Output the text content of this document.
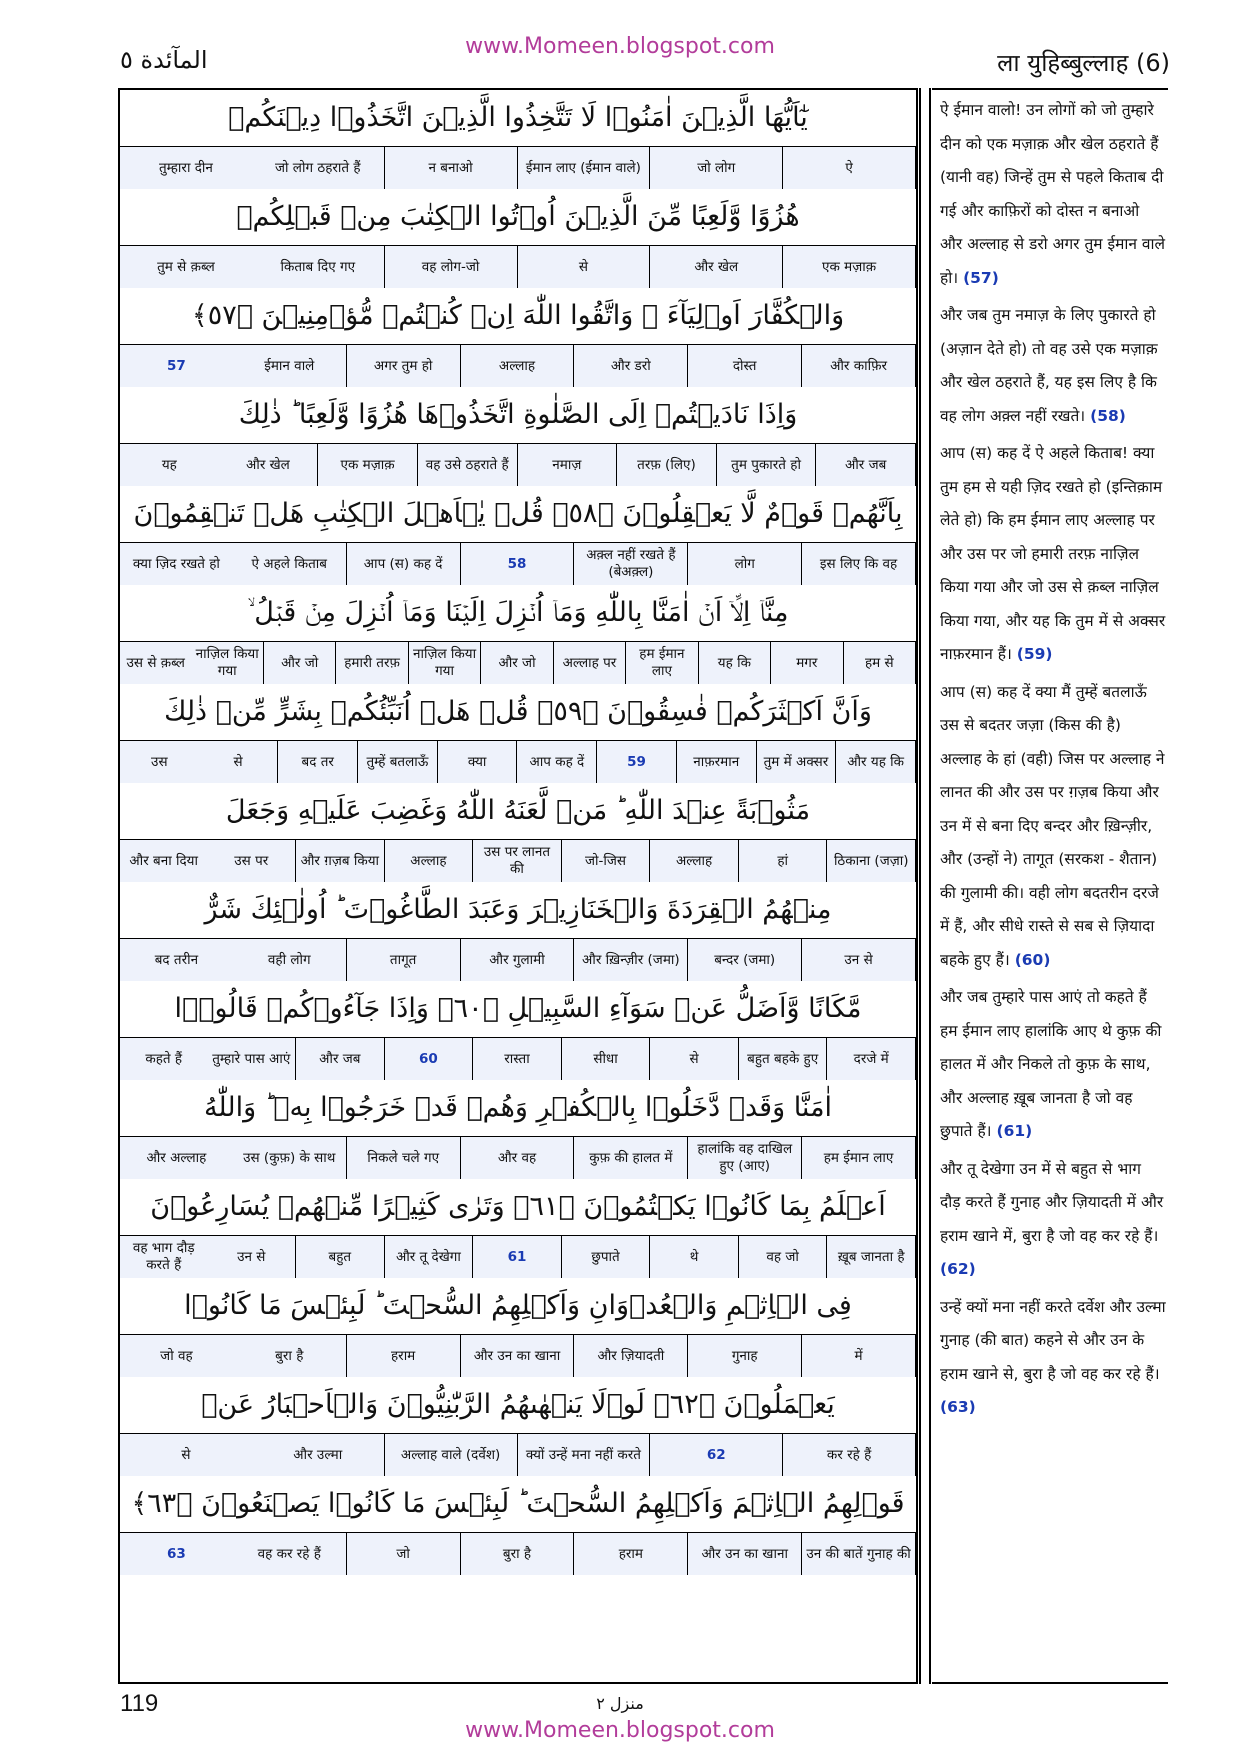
www.Momeen.blogspot.com
المآئدة ٥	ला युहिब्बुल्लाह (6)
يٰٓاَيُّهَا الَّذِيۡنَ اٰمَنُوۡا لَا تَتَّخِذُوا الَّذِيۡنَ اتَّخَذُوۡا دِيۡنَكُمۡ
ऐ
जो लोग
ईमान लाए (ईमान वाले)
न बनाओ
जो लोग ठहराते हैं
तुम्हारा दीन
هُزُوًا وَّلَعِبًا مِّنَ الَّذِيۡنَ اُوۡتُوا الۡكِتٰبَ مِنۡ قَبۡلِكُمۡ
एक मज़ाक़
और खेल
से
वह लोग-जो
किताब दिए गए
तुम से क़ब्ल
وَالۡكُفَّارَ اَوۡلِيَآءَ‌ ۚ وَاتَّقُوا اللّٰهَ اِنۡ كُنۡتُمۡ مُّؤۡمِنِيۡنَ ﴿٥٧﴾
और काफ़िर
दोस्त
और डरो
अल्लाह
अगर तुम हो
ईमान वाले
57
وَاِذَا نَادَيۡتُمۡ اِلَى الصَّلٰوةِ اتَّخَذُوۡهَا هُزُوًا وَّلَعِبًا‌ ؕ ذٰلِكَ
और जब
तुम पुकारते हो
तरफ़ (लिए)
नमाज़
वह उसे ठहराते हैं
एक मज़ाक़
और खेल
यह
بِاَنَّهُمۡ قَوۡمٌ لَّا يَعۡقِلُوۡنَ ﴿٥٨﴾ قُلۡ يٰۤاَهۡلَ الۡكِتٰبِ هَلۡ تَنۡقِمُوۡنَ
इस लिए कि वह
लोग
अक़्ल नहीं रखते हैं (बेअक़्ल)
58
आप (स) कह दें
ऐ अहले किताब
क्या ज़िद रखते हो
مِنَّاۤ اِلَّاۤ اَنۡ اٰمَنَّا بِاللّٰهِ وَمَاۤ اُنۡزِلَ اِلَيۡنَا وَمَاۤ اُنۡزِلَ مِنۡ قَبۡلُ ۙ
हम से
मगर
यह कि
हम ईमान लाए
अल्लाह पर
और जो
नाज़िल किया गया
हमारी तरफ़
और जो
नाज़िल किया गया
उस से क़ब्ल
وَاَنَّ اَكۡثَرَكُمۡ فٰسِقُوۡنَ ﴿٥٩﴾ قُلۡ هَلۡ اُنَبِّئُكُمۡ بِشَرٍّ مِّنۡ ذٰلِكَ
और यह कि
तुम में अक्सर
नाफ़रमान
59
आप कह दें
क्या
तुम्हें बतलाऊँ
बद तर
से
उस
مَثُوۡبَةً عِنۡدَ اللّٰهِ‌ ؕ مَنۡ لَّعَنَهُ اللّٰهُ وَغَضِبَ عَلَيۡهِ وَجَعَلَ
ठिकाना (जज़ा)
हां
अल्लाह
जो-जिस
उस पर लानत की
अल्लाह
और ग़ज़ब किया
उस पर
और बना दिया
مِنۡهُمُ الۡقِرَدَةَ وَالۡخَنَازِيۡرَ وَعَبَدَ الطَّاغُوۡتَ‌ ؕ اُولٰۤئِكَ شَرٌّ
उन से
बन्दर (जमा)
और ख़िन्ज़ीर (जमा)
और गुलामी
तागूत
वही लोग
बद तरीन
مَّكَانًا وَّاَضَلُّ عَنۡ سَوَآءِ السَّبِيۡلِ ﴿٦٠﴾ وَاِذَا جَآءُوۡكُمۡ قَالُوۡۤا
दरजे में
बहुत बहके हुए
से
सीधा
रास्ता
60
और जब
तुम्हारे पास आएं
कहते हैं
اٰمَنَّا وَقَدۡ دَّخَلُوۡا بِالۡكُفۡرِ وَهُمۡ قَدۡ خَرَجُوۡا بِهٖ‌ ؕ وَاللّٰهُ
हम ईमान लाए
हालांकि वह दाखिल हुए (आए)
कुफ़ की हालत में
और वह
निकले चले गए
उस (कुफ़) के साथ
और अल्लाह
اَعۡلَمُ بِمَا كَانُوۡا يَكۡتُمُوۡنَ ﴿٦١﴾ وَتَرٰى كَثِيۡرًا مِّنۡهُمۡ يُسَارِعُوۡنَ
ख़ूब जानता है
वह जो
थे
छुपाते
61
और तू देखेगा
बहुत
उन से
वह भाग दौड़ करते हैं
فِى الۡاِثۡمِ وَالۡعُدۡوَانِ وَاَكۡلِهِمُ السُّحۡتَ‌ ؕ لَبِئۡسَ مَا كَانُوۡا
में
गुनाह
और ज़ियादती
और उन का खाना
हराम
बुरा है
जो वह
يَعۡمَلُوۡنَ ﴿٦٢﴾ لَوۡلَا يَنۡهٰٮهُمُ الرَّبّٰنِيُّوۡنَ وَالۡاَحۡبَارُ عَنۡ
कर रहे हैं
62
क्यों उन्हें मना नहीं करते
अल्लाह वाले (दर्वेश)
और उल्मा
से
قَوۡلِهِمُ الۡاِثۡمَ وَاَكۡلِهِمُ السُّحۡتَ‌ ؕ لَبِئۡسَ مَا كَانُوۡا يَصۡنَعُوۡنَ ﴿٦٣﴾
उन की बातें गुनाह की
और उन का खाना
हराम
बुरा है
जो
वह कर रहे हैं
63

ऐ ईमान वालो! उन लोगों को जो तुम्हारे दीन को एक मज़ाक़ और खेल ठहराते हैं (यानी वह) जिन्हें तुम से पहले किताब दी गई और काफ़िरों को दोस्त न बनाओ और अल्लाह से डरो अगर तुम ईमान वाले हो। (57)

और जब तुम नमाज़ के लिए पुकारते हो (अज़ान देते हो) तो वह उसे एक मज़ाक़ और खेल ठहराते हैं, यह इस लिए है कि वह लोग अक़्ल नहीं रखते। (58)

आप (स) कह दें ऐ अहले किताब! क्या तुम हम से यही ज़िद रखते हो (इन्तिक़ाम लेते हो) कि हम ईमान लाए अल्लाह पर और उस पर जो हमारी तरफ़ नाज़िल किया गया और जो उस से क़ब्ल नाज़िल किया गया, और यह कि तुम में से अक्सर नाफ़रमान हैं। (59)

आप (स) कह दें क्या मैं तुम्हें बतलाऊँ उस से बदतर जज़ा (किस की है) अल्लाह के हां (वही) जिस पर अल्लाह ने लानत की और उस पर ग़ज़ब किया और उन में से बना दिए बन्दर और ख़िन्ज़ीर, और (उन्हों ने) तागूत (सरकश - शैतान) की गुलामी की। वही लोग बदतरीन दरजे में हैं, और सीधे रास्ते से सब से ज़ियादा बहके हुए हैं। (60)

और जब तुम्हारे पास आएं तो कहते हैं हम ईमान लाए हालांकि आए थे कुफ़ की हालत में और निकले तो कुफ़ के साथ, और अल्लाह ख़ूब जानता है जो वह छुपाते हैं। (61)

और तू देखेगा उन में से बहुत से भाग दौड़ करते हैं गुनाह और ज़ियादती में और हराम खाने में, बुरा है जो वह कर रहे हैं। (62)

उन्हें क्यों मना नहीं करते दर्वेश और उल्मा गुनाह (की बात) कहने से और उन के हराम खाने से, बुरा है जो वह कर रहे हैं। (63)

119	منزل ٢
www.Momeen.blogspot.com
